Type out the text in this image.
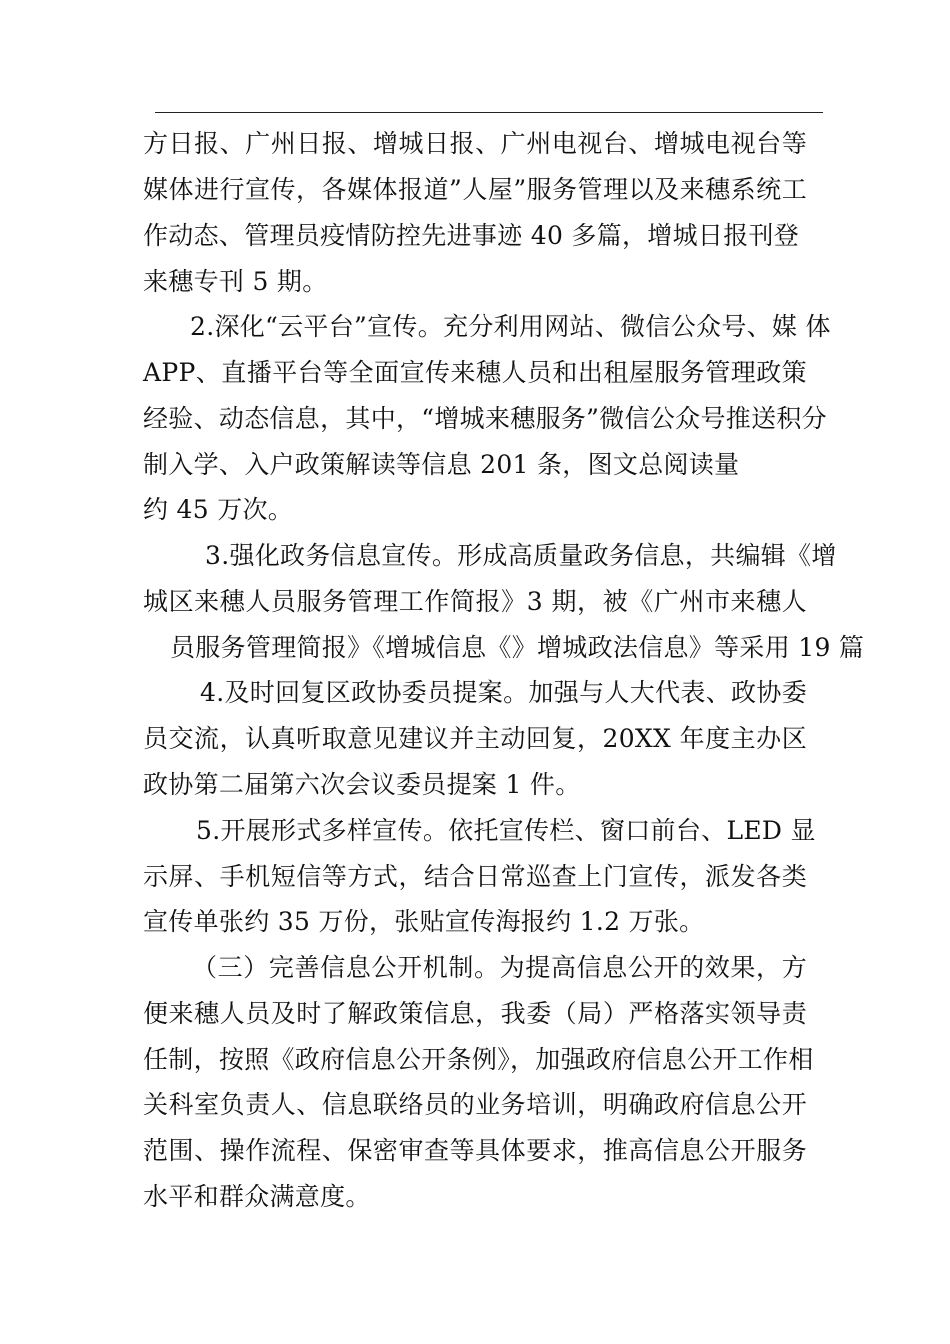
方日报、广州日报、增城日报、广州电视台、增城电视台等
媒体进行宣传，各媒体报道”人屋”服务管理以及来穗系统工
作动态、管理员疫情防控先进事迹 40 多篇，增城日报刊登
来穗专刊 5 期。
2.深化“云平台”宣传。充分利用网站、微信公众号、媒 体
APP、直播平台等全面宣传来穗人员和出租屋服务管理政策
经验、动态信息，其中，“增城来穗服务”微信公众号推送积分
制入学、入户政策解读等信息 201 条，图文总阅读量
约 45 万次。
3.强化政务信息宣传。形成高质量政务信息，共编辑《增
城区来穗人员服务管理工作简报》3 期，被《广州市来穗人
员服务管理简报》《增城信息《》增城政法信息》等采用 19 篇
4.及时回复区政协委员提案。加强与人大代表、政协委
员交流，认真听取意见建议并主动回复，20XX 年度主办区
政协第二届第六次会议委员提案 1 件。
5.开展形式多样宣传。依托宣传栏、窗口前台、LED 显
示屏、手机短信等方式，结合日常巡查上门宣传，派发各类
宣传单张约 35 万份，张贴宣传海报约 1.2 万张。
（三）完善信息公开机制。为提高信息公开的效果，方
便来穗人员及时了解政策信息，我委（局）严格落实领导责
任制，按照《政府信息公开条例》，加强政府信息公开工作相
关科室负责人、信息联络员的业务培训，明确政府信息公开
范围、操作流程、保密审查等具体要求，推高信息公开服务
水平和群众满意度。
